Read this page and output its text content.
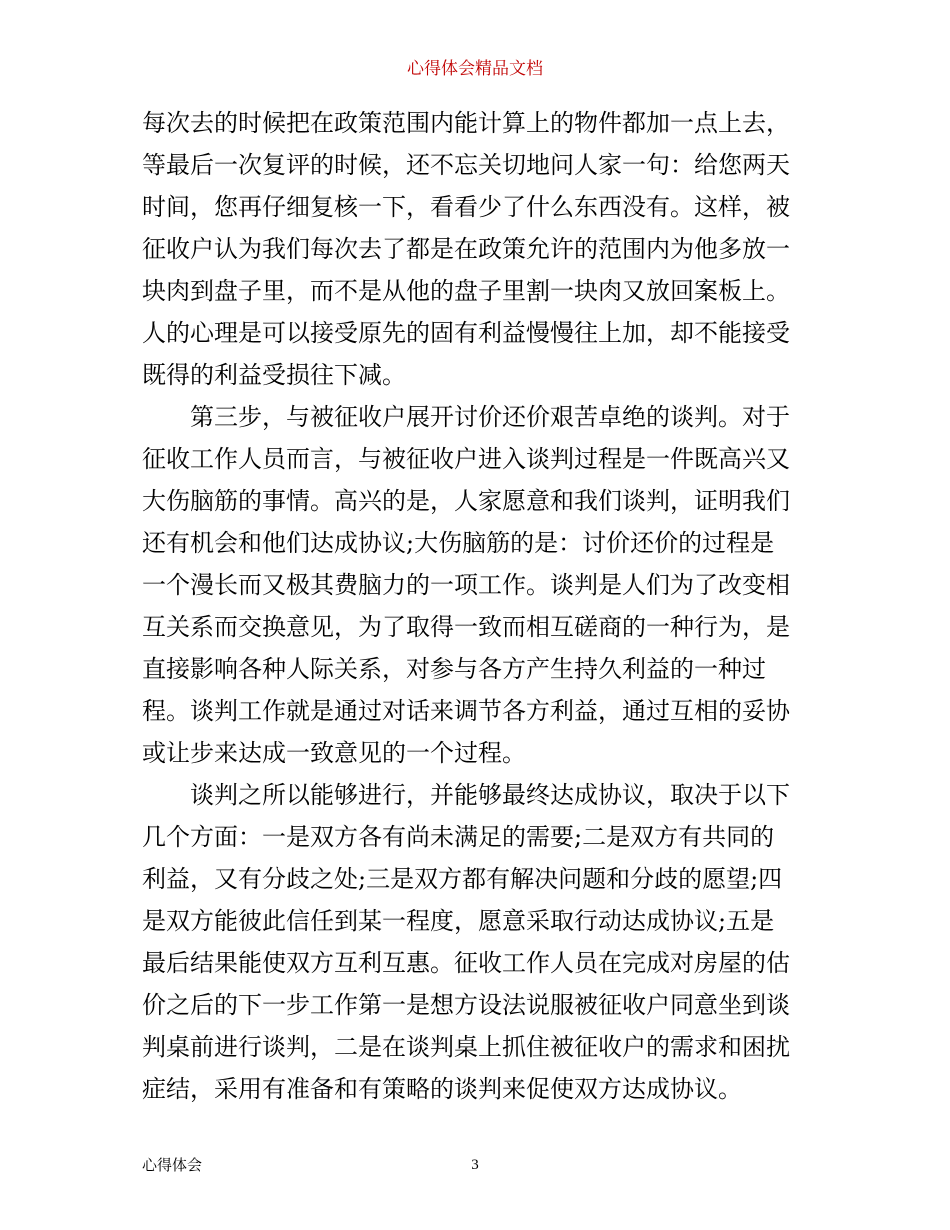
心得体会精品文档
每次去的时候把在政策范围内能计算上的物件都加一点上去，
等最后一次复评的时候，还不忘关切地问人家一句：给您两天
时间，您再仔细复核一下，看看少了什么东西没有。这样，被
征收户认为我们每次去了都是在政策允许的范围内为他多放一
块肉到盘子里，而不是从他的盘子里割一块肉又放回案板上。
人的心理是可以接受原先的固有利益慢慢往上加，却不能接受
既得的利益受损往下减。
第三步，与被征收户展开讨价还价艰苦卓绝的谈判。对于
征收工作人员而言，与被征收户进入谈判过程是一件既高兴又
大伤脑筋的事情。高兴的是，人家愿意和我们谈判，证明我们
还有机会和他们达成协议;大伤脑筋的是：讨价还价的过程是
一个漫长而又极其费脑力的一项工作。谈判是人们为了改变相
互关系而交换意见，为了取得一致而相互磋商的一种行为，是
直接影响各种人际关系，对参与各方产生持久利益的一种过
程。谈判工作就是通过对话来调节各方利益，通过互相的妥协
或让步来达成一致意见的一个过程。
谈判之所以能够进行，并能够最终达成协议，取决于以下
几个方面：一是双方各有尚未满足的需要;二是双方有共同的
利益，又有分歧之处;三是双方都有解决问题和分歧的愿望;四
是双方能彼此信任到某一程度，愿意采取行动达成协议;五是
最后结果能使双方互利互惠。征收工作人员在完成对房屋的估
价之后的下一步工作第一是想方设法说服被征收户同意坐到谈
判桌前进行谈判，二是在谈判桌上抓住被征收户的需求和困扰
症结，采用有准备和有策略的谈判来促使双方达成协议。
心得体会	3
